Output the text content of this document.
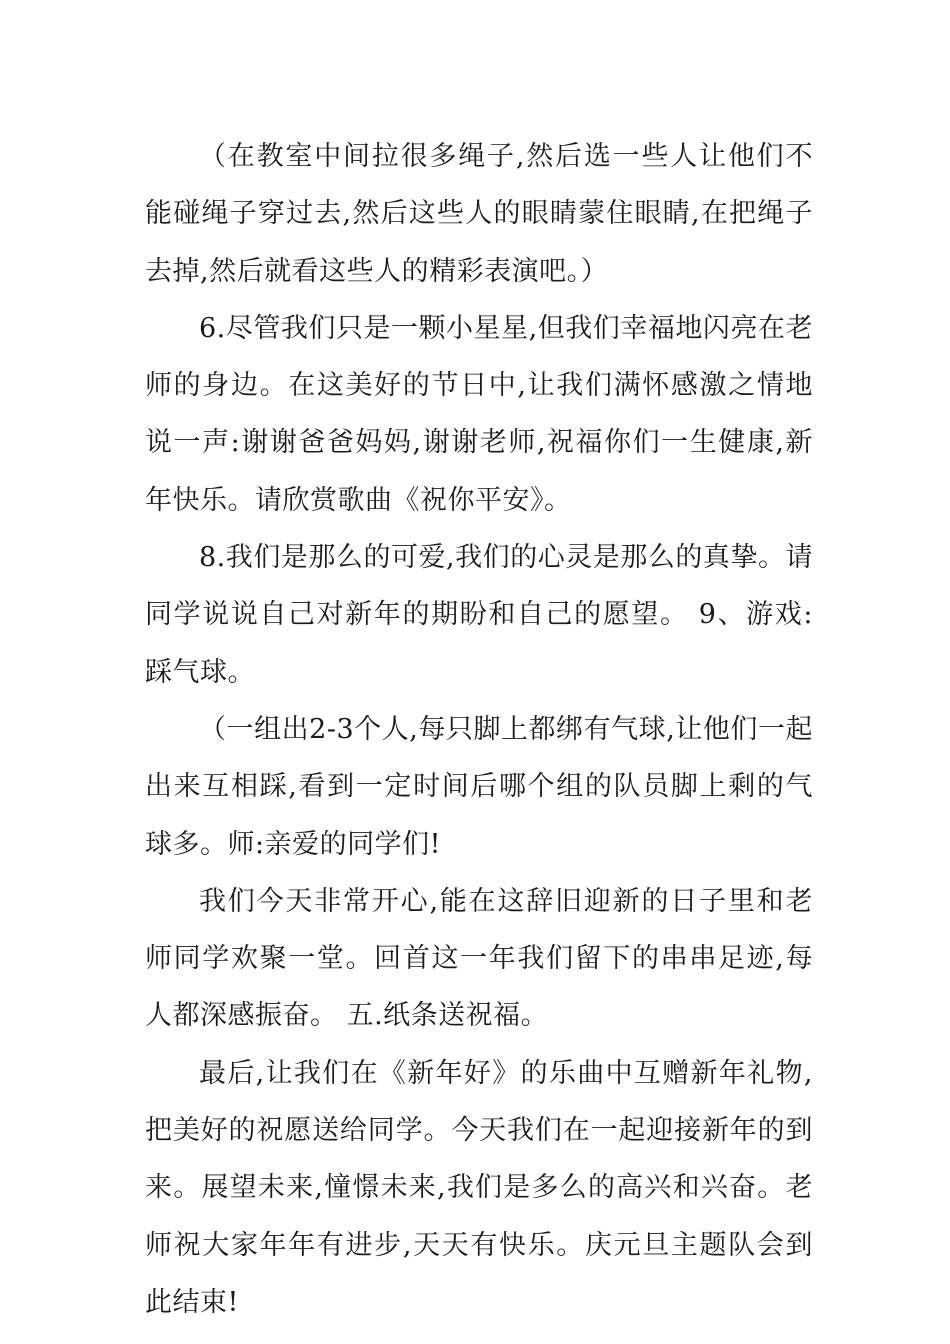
（在教室中间拉很多绳子,然后选一些人让他们不能碰绳子穿过去,然后这些人的眼睛蒙住眼睛,在把绳子去掉,然后就看这些人的精彩表演吧。）

6.尽管我们只是一颗小星星,但我们幸福地闪亮在老师的身边。在这美好的节日中,让我们满怀感激之情地说一声:谢谢爸爸妈妈,谢谢老师,祝福你们一生健康,新年快乐。请欣赏歌曲《祝你平安》。

8.我们是那么的可爱,我们的心灵是那么的真挚。请同学说说自己对新年的期盼和自己的愿望。 9、游戏:踩气球。

（一组出2-3个人,每只脚上都绑有气球,让他们一起出来互相踩,看到一定时间后哪个组的队员脚上剩的气球多。师:亲爱的同学们!

我们今天非常开心,能在这辞旧迎新的日子里和老师同学欢聚一堂。回首这一年我们留下的串串足迹,每人都深感振奋。 五.纸条送祝福。

最后,让我们在《新年好》的乐曲中互赠新年礼物,把美好的祝愿送给同学。今天我们在一起迎接新年的到来。展望未来,憧憬未来,我们是多么的高兴和兴奋。老师祝大家年年有进步,天天有快乐。庆元旦主题队会到此结束!
